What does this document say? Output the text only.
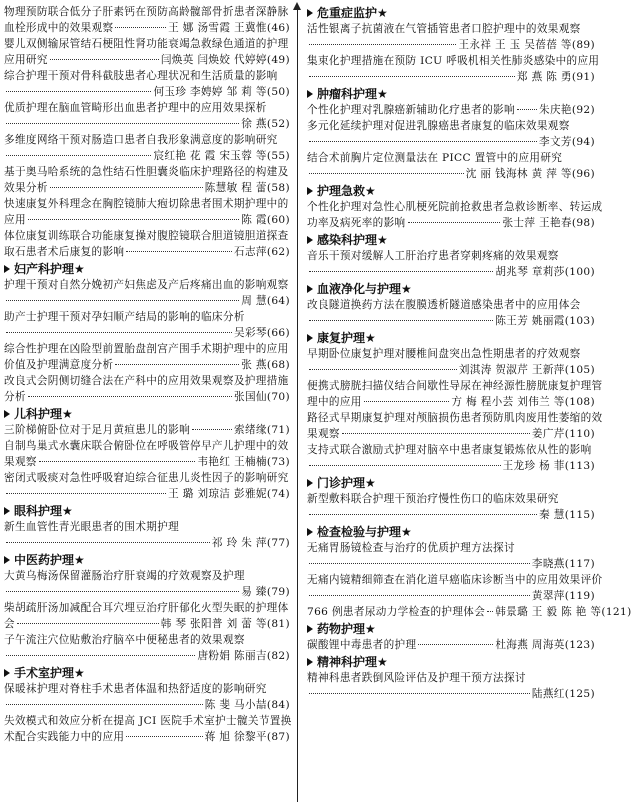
物理预防联合低分子肝素钙在预防高龄髋部骨折患者深静脉
血栓形成中的效果观察	王 娜 汤雪霞 王冀惟 (46)
婴儿双侧输尿管结石梗阻性肾功能衰竭急救绿色通道的护理
应用研究	闫焕英 闫焕姣 代婷婷 (49)
综合护理干预对骨科截肢患者心理状况和生活质量的影响
何玉珍 李娉婷 邹 莉 等 (50)
优质护理在脑血管畸形出血患者护理中的应用效果探析
徐 燕 (52)
多维度网络干预对肠造口患者自我形象满意度的影响研究
宸红艳 花 霞 宋玉蓉 等 (55)
基于奥马哈系统的急性结石性胆囊炎临床护理路径的构建及
效果分析	陈慧敏 程 蕾 (58)
快速康复外科理念在胸腔镜肺大疱切除患者围术期护理中的
应用	陈 霞 (60)
体位康复训练联合功能康复操对腹腔镜联合胆道镜胆道探查
取石患者术后康复的影响	石志萍 (62)
妇产科护理★
护理干预对自然分娩初产妇焦虑及产后疼痛出血的影响观察
周 慧 (64)
助产士护理干预对孕妇顺产结局的影响的临床分析
吴彩琴 (66)
综合性护理在凶险型前置胎盘剖宫产围手术期护理中的应用
价值及护理满意度分析	张 燕 (68)
改良式会阴侧切缝合法在产科中的应用效果观察及护理措施
分析	张国仙 (70)
儿科护理★
三阶梯俯卧位对于足月黄疸患儿的影响	索绪缘 (71)
自制鸟巢式水囊床联合俯卧位在呼吸管停早产儿护理中的效
果观察	韦艳红 王楠楠 (73)
密闭式吸痰对急性呼吸窘迫综合征患儿炎性因子的影响研究
王 璐 刘琼洁 彭雅妮 (74)
眼科护理★
新生血管性青光眼患者的围术期护理
祁 玲 朱 萍 (77)
中医药护理★
大黄乌梅汤保留灌肠治疗肝衰竭的疗效观察及护理
易 臻 (79)
柴胡疏肝汤加减配合耳穴埋豆治疗肝郁化火型失眠的护理体
会	韩 琴 张阳普 刘 蕾 等 (81)
子午流注穴位贴敷治疗脑卒中便秘患者的效果观察
唐粉娟 陈丽吉 (82)
手术室护理★
保暖袜护理对脊柱手术患者体温和热舒适度的影响研究
陈 斐 马小喆 (84)
失效模式和效应分析在提高 JCI 医院手术室护士髋关节置换
术配合实践能力中的应用	蒋 旭 徐黎平 (87)
危重症监护★
活性银离子抗菌液在气管插管患者口腔护理中的效果观察
王永祥 王 玉 吴蓓蓓 等 (89)
集束化护理措施在预防 ICU 呼吸机相关性肺炎感染中的应用
郑 燕 陈 勇 (91)
肿瘤科护理★
个性化护理对乳腺癌新辅助化疗患者的影响 朱庆艳 (92)
多元化延续护理对促进乳腺癌患者康复的临床效果观察
李文芳 (94)
结合术前胸片定位测量法在 PICC 置管中的应用研究
沈 丽 钱海林 黄 萍 等 (96)
护理急救★
个性化护理对急性心肌梗死院前抢救患者急救诊断率、转运成
功率及病死率的影响	张士萍 王艳春 (98)
感染科护理★
音乐干预对缓解人工肝治疗患者穿刺疼痛的效果观察
胡兆琴 章莉莎 (100)
血液净化与护理★
改良隧道换药方法在腹膜透析隧道感染患者中的应用体会
陈王芳 姚丽霞 (103)
康复护理★
早期卧位康复护理对腰椎间盘突出急性期患者的疗效观察
刘淇涛 贺淑芹 王新萍 (105)
便携式膀胱扫描仪结合间歇性导尿在神经源性膀胱康复护理管
理中的应用	方 梅 程小芸 刘伟兰 等 (108)
路径式早期康复护理对颅脑损伤患者预防肌肉废用性萎缩的效
果观察	姜广芹 (110)
支持式联合激励式护理对脑卒中患者康复锻炼依从性的影响
王龙珍 杨 菲 (113)
门诊护理★
新型敷料联合护理干预治疗慢性伤口的临床效果研究
秦 慧 (115)
检查检验与护理★
无痛胃肠镜检查与治疗的优质护理方法探讨
李晓燕 (117)
无痛内镜精细筛查在消化道早癌临床诊断当中的应用效果评价
黄翠萍 (119)
766 例患者尿动力学检查的护理体会 韩景璐 王 毅 陈 艳 等 (121)
药物护理★
碳酸锂中毒患者的护理	杜海燕 周海英 (123)
精神科护理★
精神科患者跌倒风险评估及护理干预方法探讨
陆燕红 (125)
